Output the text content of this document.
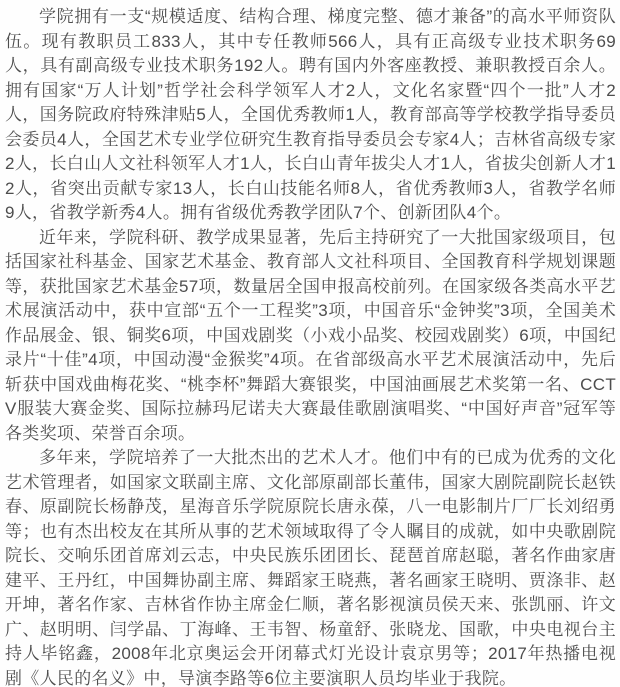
学院拥有一支“规模适度、结构合理、梯度完整、德才兼备”的高水平师资队伍。现有教职员工833人，其中专任教师566人，具有正高级专业技术职务69人，具有副高级专业技术职务192人。聘有国内外客座教授、兼职教授百余人。拥有国家“万人计划”哲学社会科学领军人才2人，文化名家暨“四个一批”人才2人，国务院政府特殊津贴5人，全国优秀教师1人，教育部高等学校教学指导委员会委员4人，全国艺术专业学位研究生教育指导委员会专家4人；吉林省高级专家2人，长白山人文社科领军人才1人，长白山青年拔尖人才1人，省拔尖创新人才12人，省突出贡献专家13人，长白山技能名师8人，省优秀教师3人，省教学名师9人，省教学新秀4人。拥有省级优秀教学团队7个、创新团队4个。

近年来，学院科研、教学成果显著，先后主持研究了一大批国家级项目，包括国家社科基金、国家艺术基金、教育部人文社科项目、全国教育科学规划课题等，获批国家艺术基金57项，数量居全国申报高校前列。在国家级各类高水平艺术展演活动中，获中宣部“五个一工程奖”3项，中国音乐“金钟奖”3项，全国美术作品展金、银、铜奖6项，中国戏剧奖（小戏小品奖、校园戏剧奖）6项，中国纪录片“十佳”4项，中国动漫“金猴奖”4项。在省部级高水平艺术展演活动中，先后斩获中国戏曲梅花奖、“桃李杯”舞蹈大赛银奖，中国油画展艺术奖第一名、CCTV服装大赛金奖、国际拉赫玛尼诺夫大赛最佳歌剧演唱奖、“中国好声音”冠军等各类奖项、荣誉百余项。

多年来，学院培养了一大批杰出的艺术人才。他们中有的已成为优秀的文化艺术管理者，如国家文联副主席、文化部原副部长董伟，国家大剧院副院长赵铁春、原副院长杨静茂，星海音乐学院原院长唐永葆，八一电影制片厂厂长刘绍勇等；也有杰出校友在其所从事的艺术领域取得了令人瞩目的成就，如中央歌剧院院长、交响乐团首席刘云志，中央民族乐团团长、琵琶首席赵聪，著名作曲家唐建平、王丹红，中国舞协副主席、舞蹈家王晓燕，著名画家王晓明、贾涤非、赵开坤，著名作家、吉林省作协主席金仁顺，著名影视演员侯天来、张凯丽、许文广、赵明明、闫学晶、丁海峰、王韦智、杨童舒、张晓龙、国歌，中央电视台主持人毕铭鑫，2008年北京奥运会开闭幕式灯光设计袁京男等；2017年热播电视剧《人民的名义》中，导演李路等6位主要演职人员均毕业于我院。
